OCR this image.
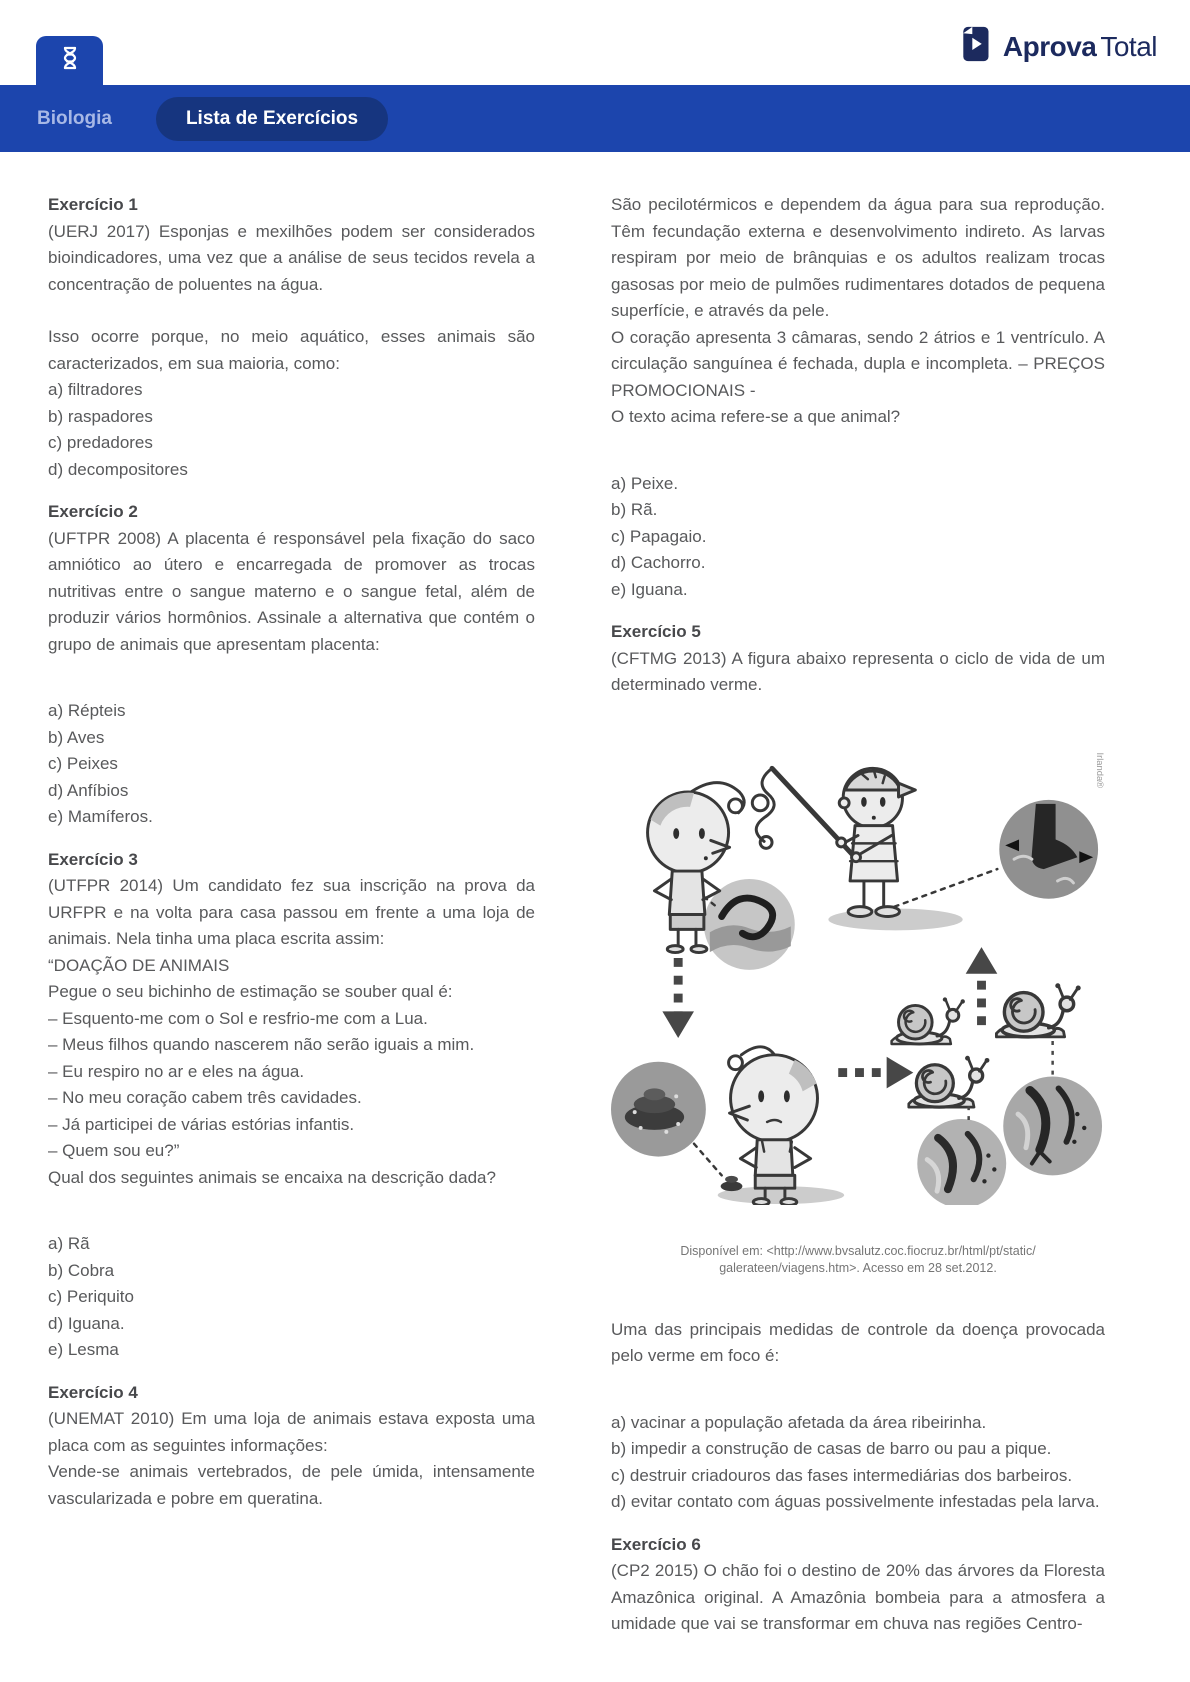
Aprova Total
Biologia	Lista de Exercícios
Exercício 1
(UERJ 2017) Esponjas e mexilhões podem ser considerados bioindicadores, uma vez que a análise de seus tecidos revela a concentração de poluentes na água.
Isso ocorre porque, no meio aquático, esses animais são caracterizados, em sua maioria, como:
a) filtradores
b) raspadores
c) predadores
d) decompositores
Exercício 2
(UFTPR 2008) A placenta é responsável pela fixação do saco amniótico ao útero e encarregada de promover as trocas nutritivas entre o sangue materno e o sangue fetal, além de produzir vários hormônios. Assinale a alternativa que contém o grupo de animais que apresentam placenta:
a) Répteis
b) Aves
c) Peixes
d) Anfíbios
e) Mamíferos.
Exercício 3
(UTFPR 2014) Um candidato fez sua inscrição na prova da URFPR e na volta para casa passou em frente a uma loja de animais. Nela tinha uma placa escrita assim:
“DOAÇÃO DE ANIMAIS
Pegue o seu bichinho de estimação se souber qual é:
– Esquento-me com o Sol e resfrio-me com a Lua.
– Meus filhos quando nascerem não serão iguais a mim.
– Eu respiro no ar e eles na água.
– No meu coração cabem três cavidades.
– Já participei de várias estórias infantis.
– Quem sou eu?”
Qual dos seguintes animais se encaixa na descrição dada?
a) Rã
b) Cobra
c) Periquito
d) Iguana.
e) Lesma
Exercício 4
(UNEMAT 2010) Em uma loja de animais estava exposta uma placa com as seguintes informações:
Vende-se animais vertebrados, de pele úmida, intensamente vascularizada e pobre em queratina.
São pecilotérmicos e dependem da água para sua reprodução. Têm fecundação externa e desenvolvimento indireto. As larvas respiram por meio de brânquias e os adultos realizam trocas gasosas por meio de pulmões rudimentares dotados de pequena superfície, e através da pele.
O coração apresenta 3 câmaras, sendo 2 átrios e 1 ventrículo. A circulação sanguínea é fechada, dupla e incompleta. – PREÇOS PROMOCIONAIS -
O texto acima refere-se a que animal?
a) Peixe.
b) Rã.
c) Papagaio.
d) Cachorro.
e) Iguana.
Exercício 5
(CFTMG 2013) A figura abaixo representa o ciclo de vida de um determinado verme.
Irlanda®
Disponível em: <http://www.bvsalutz.coc.fiocruz.br/html/pt/static/
galerateen/viagens.htm>. Acesso em 28 set.2012.
Uma das principais medidas de controle da doença provocada pelo verme em foco é:
a) vacinar a população afetada da área ribeirinha.
b) impedir a construção de casas de barro ou pau a pique.
c) destruir criadouros das fases intermediárias dos barbeiros.
d) evitar contato com águas possivelmente infestadas pela larva.
Exercício 6
(CP2 2015) O chão foi o destino de 20% das árvores da Floresta Amazônica original. A Amazônia bombeia para a atmosfera a umidade que vai se transformar em chuva nas regiões Centro-
